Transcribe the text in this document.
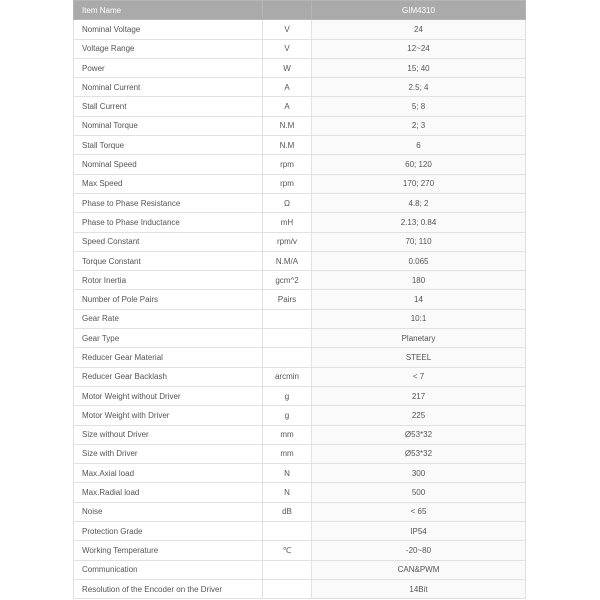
Item Name		GIM4310
Nominal Voltage	V	24
Voltage Range	V	12~24
Power	W	15; 40
Nominal Current	A	2.5; 4
Stall Current	A	5; 8
Nominal Torque	N.M	2; 3
Stall Torque	N.M	6
Nominal Speed	rpm	60; 120
Max Speed	rpm	170; 270
Phase to Phase Resistance	Ω	4.8; 2
Phase to Phase Inductance	mH	2.13; 0.84
Speed Constant	rpm/v	70; 110
Torque Constant	N.M/A	0.065
Rotor Inertia	gcm^2	180
Number of Pole Pairs	Pairs	14
Gear Rate		10:1
Gear Type		Planetary
Reducer Gear Material		STEEL
Reducer Gear Backlash	arcmin	< 7
Motor Weight without Driver	g	217
Motor Weight with Driver	g	225
Size without Driver	mm	Ø53*32
Size with Driver	mm	Ø53*32
Max.Axial load	N	300
Max.Radial load	N	500
Noise	dB	< 65
Protection Grade		IP54
Working Temperature	℃	-20~80
Communication		CAN&PWM
Resolution of the Encoder on the Driver		14Bit
